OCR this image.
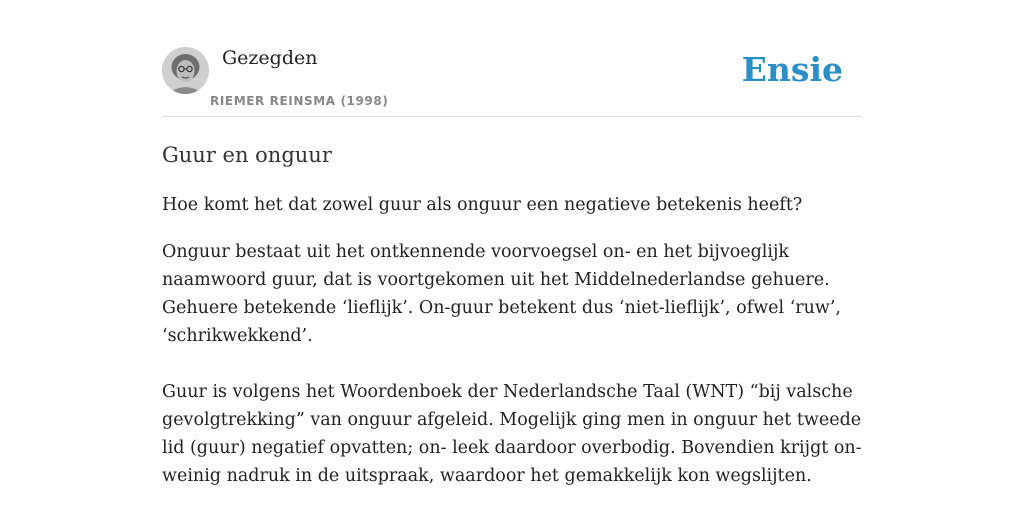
Gezegden
RIEMER REINSMA (1998)
Ensie
Guur en onguur

Hoe komt het dat zowel guur als onguur een negatieve betekenis heeft?

Onguur bestaat uit het ontkennende voorvoegsel on- en het bijvoeglijk naamwoord guur, dat is voortgekomen uit het Middelnederlandse gehuere. Gehuere betekende ‘lieflijk’. On-guur betekent dus ‘niet-lieflijk’, ofwel ‘ruw’, ‘schrikwekkend’.

Guur is volgens het Woordenboek der Nederlandsche Taal (WNT) “bij valsche gevolgtrekking” van onguur afgeleid. Mogelijk ging men in onguur het tweede lid (guur) negatief opvatten; on- leek daardoor overbodig. Bovendien krijgt on- weinig nadruk in de uitspraak, waardoor het gemakkelijk kon wegslijten.
